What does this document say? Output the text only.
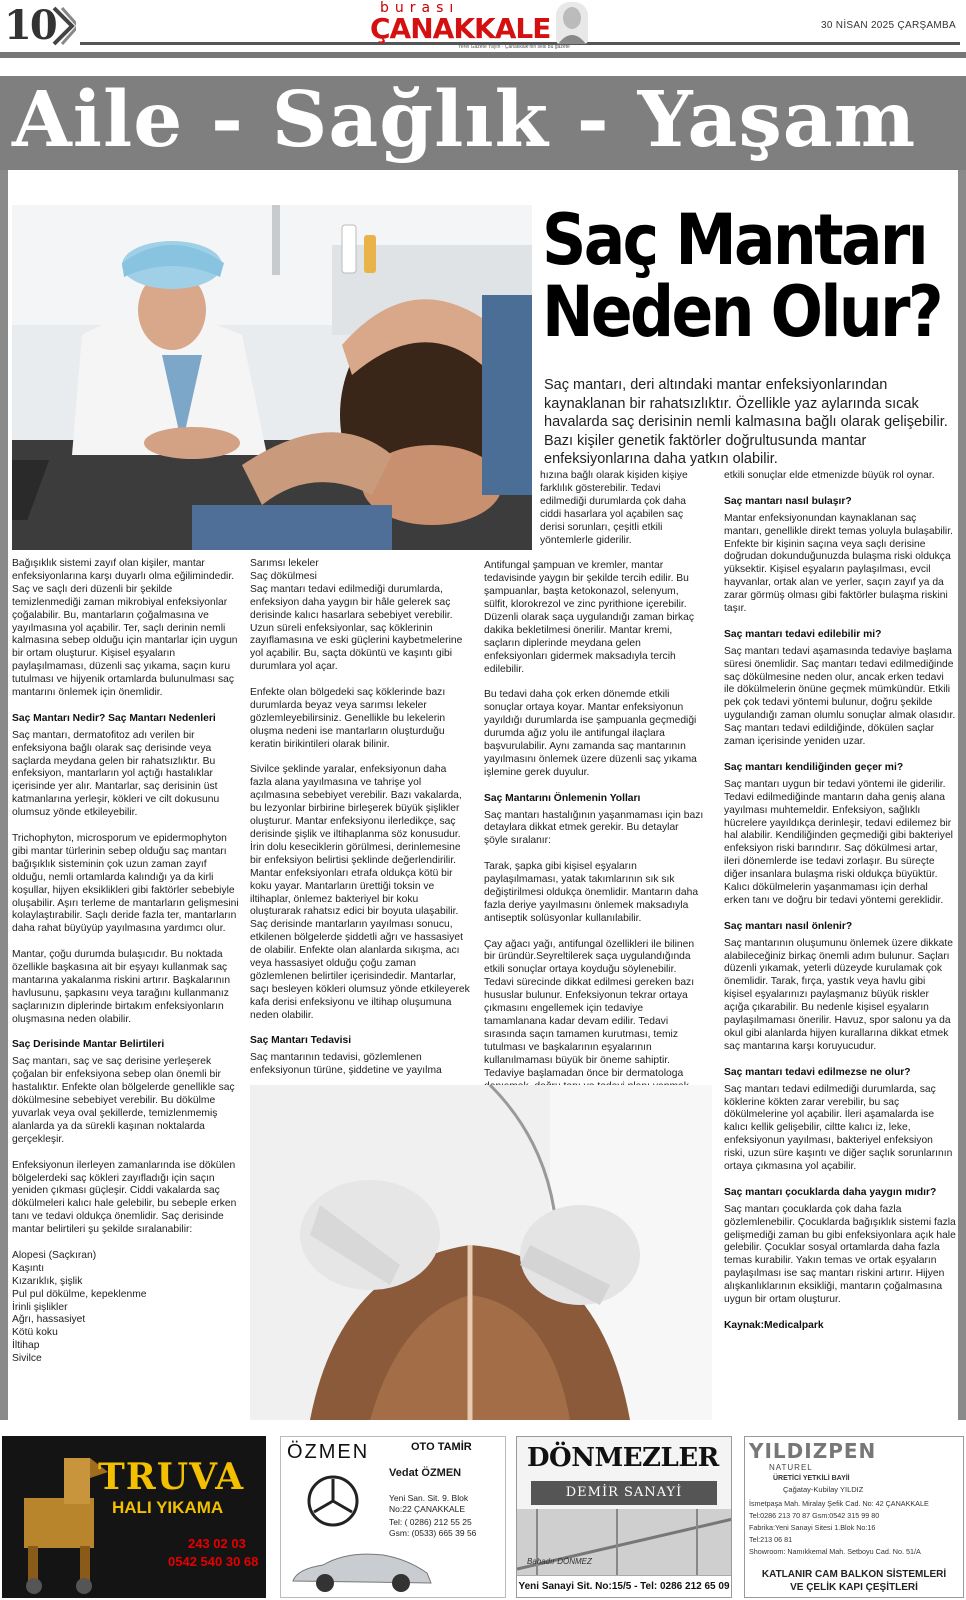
10	burası
ÇANAKKALE
Yerel Gazete Yayın · Çanakkale'nin sesi bu gazete
30 NİSAN 2025 ÇARŞAMBA
Aile - Sağlık - Yaşam
Saç Mantarı
Neden Olur?
Saç mantarı, deri altındaki mantar enfeksiyonlarından kaynaklanan bir rahatsızlıktır. Özellikle yaz aylarında sıcak havalarda saç derisinin nemli kalmasına bağlı olarak gelişebilir. Bazı kişiler genetik faktörler doğrultusunda mantar enfeksiyonlarına daha yatkın olabilir.

Bağışıklık sistemi zayıf olan kişiler, mantar enfeksiyonlarına karşı duyarlı olma eğilimindedir. Saç ve saçlı deri düzenli bir şekilde temizlenmediği zaman mikrobiyal enfeksiyonlar çoğalabilir. Bu, mantarların çoğalmasına ve yayılmasına yol açabilir. Ter, saçlı derinin nemli kalmasına sebep olduğu için mantarlar için uygun bir ortam oluşturur. Kişisel eşyaların paylaşılmaması, düzenli saç yıkama, saçın kuru tutulması ve hijyenik ortamlarda bulunulması saç mantarını önlemek için önemlidir.

Saç Mantarı Nedir? Saç Mantarı Nedenleri

Saç mantarı, dermatofitoz adı verilen bir enfeksiyona bağlı olarak saç derisinde veya saçlarda meydana gelen bir rahatsızlıktır. Bu enfeksiyon, mantarların yol açtığı hastalıklar içerisinde yer alır. Mantarlar, saç derisinin üst katmanlarına yerleşir, kökleri ve cilt dokusunu olumsuz yönde etkileyebilir.

Trichophyton, microsporum ve epidermophyton gibi mantar türlerinin sebep olduğu saç mantarı bağışıklık sisteminin çok uzun zaman zayıf olduğu, nemli ortamlarda kalındığı ya da kirli koşullar, hijyen eksiklikleri gibi faktörler sebebiyle oluşabilir. Aşırı terleme de mantarların gelişmesini kolaylaştırabilir. Saçlı deride fazla ter, mantarların daha rahat büyüyüp yayılmasına yardımcı olur.

Mantar, çoğu durumda bulaşıcıdır. Bu noktada özellikle başkasına ait bir eşyayı kullanmak saç mantarına yakalanma riskini artırır. Başkalarının havlusunu, şapkasını veya tarağını kullanmanız saçlarınızın diplerinde birtakım enfeksiyonların oluşmasına neden olabilir.

Saç Derisinde Mantar Belirtileri

Saç mantarı, saç ve saç derisine yerleşerek çoğalan bir enfeksiyona sebep olan önemli bir hastalıktır. Enfekte olan bölgelerde genellikle saç dökülmesine sebebiyet verebilir. Bu dökülme yuvarlak veya oval şekillerde, temizlenmemiş alanlarda ya da sürekli kaşınan noktalarda gerçekleşir.

Enfeksiyonun ilerleyen zamanlarında ise dökülen bölgelerdeki saç kökleri zayıfladığı için saçın yeniden çıkması güçleşir. Ciddi vakalarda saç dökülmeleri kalıcı hale gelebilir, bu sebeple erken tanı ve tedavi oldukça önemlidir. Saç derisinde mantar belirtileri şu şekilde sıralanabilir:

Alopesi (Saçkıran)
Kaşıntı
Kızarıklık, şişlik
Pul pul dökülme, kepeklenme
İrinli şişlikler
Ağrı, hassasiyet
Kötü koku
İltihap
Sivilce
Sarımsı lekeler
Saç dökülmesi

Saç mantarı tedavi edilmediği durumlarda, enfeksiyon daha yaygın bir hâle gelerek saç derisinde kalıcı hasarlara sebebiyet verebilir. Uzun süreli enfeksiyonlar, saç köklerinin zayıflamasına ve eski güçlerini kaybetmelerine yol açabilir. Bu, saçta döküntü ve kaşıntı gibi durumlara yol açar.

Enfekte olan bölgedeki saç köklerinde bazı durumlarda beyaz veya sarımsı lekeler gözlemleyebilirsiniz. Genellikle bu lekelerin oluşma nedeni ise mantarların oluşturduğu keratin birikintileri olarak bilinir.

Sivilce şeklinde yaralar, enfeksiyonun daha fazla alana yayılmasına ve tahrişe yol açılmasına sebebiyet verebilir. Bazı vakalarda, bu lezyonlar birbirine birleşerek büyük şişlikler oluşturur. Mantar enfeksiyonu ilerledikçe, saç derisinde şişlik ve iltihaplanma söz konusudur. İrin dolu keseciklerin görülmesi, derinlemesine bir enfeksiyon belirtisi şeklinde değerlendirilir. Mantar enfeksiyonları etrafa oldukça kötü bir koku yayar. Mantarların ürettiği toksin ve iltihaplar, önlemez bakteriyel bir koku oluşturarak rahatsız edici bir boyuta ulaşabilir. Saç derisinde mantarların yayılması sonucu, etkilenen bölgelerde şiddetli ağrı ve hassasiyet de olabilir. Enfekte olan alanlarda sıkışma, acı veya hassasiyet olduğu çoğu zaman gözlemlenen belirtiler içerisindedir. Mantarlar, saçı besleyen kökleri olumsuz yönde etkileyerek kafa derisi enfeksiyonu ve iltihap oluşumuna neden olabilir.

Saç Mantarı Tedavisi

Saç mantarının tedavisi, gözlemlenen enfeksiyonun türüne, şiddetine ve yayılma

hızına bağlı olarak kişiden kişiye farklılık gösterebilir. Tedavi edilmediği durumlarda çok daha ciddi hasarlara yol açabilen saç derisi sorunları, çeşitli etkili yöntemlerle giderilir.

Antifungal şampuan ve kremler, mantar tedavisinde yaygın bir şekilde tercih edilir. Bu şampuanlar, başta ketokonazol, selenyum, sülfit, klorokrezol ve zinc pyrithione içerebilir. Düzenli olarak saça uygulandığı zaman birkaç dakika bekletilmesi önerilir. Mantar kremi, saçların diplerinde meydana gelen enfeksiyonları gidermek maksadıyla tercih edilebilir.

Bu tedavi daha çok erken dönemde etkili sonuçlar ortaya koyar. Mantar enfeksiyonun yayıldığı durumlarda ise şampuanla geçmediği durumda ağız yolu ile antifungal ilaçlara başvurulabilir. Aynı zamanda saç mantarının yayılmasını önlemek üzere düzenli saç yıkama işlemine gerek duyulur.

Saç Mantarını Önlemenin Yolları

Saç mantarı hastalığının yaşanmaması için bazı detaylara dikkat etmek gerekir. Bu detaylar şöyle sıralanır:

Tarak, şapka gibi kişisel eşyaların paylaşılmaması, yatak takımlarının sık sık değiştirilmesi oldukça önemlidir. Mantarın daha fazla deriye yayılmasını önlemek maksadıyla antiseptik solüsyonlar kullanılabilir.

Çay ağacı yağı, antifungal özellikleri ile bilinen bir üründür.Seyreltilerek saça uygulandığında etkili sonuçlar ortaya koyduğu söylenebilir. Tedavi sürecinde dikkat edilmesi gereken bazı hususlar bulunur. Enfeksiyonun tekrar ortaya çıkmasını engellemek için tedaviye tamamlanana kadar devam edilir. Tedavi sırasında saçın tamamen kurutması, temiz tutulması ve başkalarının eşyalarının kullanılmaması büyük bir öneme sahiptir. Tedaviye başlamadan önce bir dermatologa

etkili sonuçlar elde etmenizde büyük rol oynar.

Saç mantarı nasıl bulaşır?

Mantar enfeksiyonundan kaynaklanan saç mantarı, genellikle direkt temas yoluyla bulaşabilir. Enfekte bir kişinin saçına veya saçlı derisine doğrudan dokunduğunuzda bulaşma riski oldukça yüksektir. Kişisel eşyaların paylaşılması, evcil hayvanlar, ortak alan ve yerler, saçın zayıf ya da zarar görmüş olması gibi faktörler bulaşma riskini taşır.

Saç mantarı tedavi edilebilir mi?

Saç mantarı tedavi aşamasında tedaviye başlama süresi önemlidir. Saç mantarı tedavi edilmediğinde saç dökülmesine neden olur, ancak erken tedavi ile dökülmelerin önüne geçmek mümkündür. Etkili pek çok tedavi yöntemi bulunur, doğru şekilde uygulandığı zaman olumlu sonuçlar almak olasıdır. Saç mantarı tedavi edildiğinde, dökülen saçlar zaman içerisinde yeniden uzar.

Saç mantarı kendiliğinden geçer mi?

Saç mantarı uygun bir tedavi yöntemi ile giderilir. Tedavi edilmediğinde mantarın daha geniş alana yayılması muhtemeldir. Enfeksiyon, sağlıklı hücrelere yayıldıkça derinleşir, tedavi edilemez bir hal alabilir. Kendiliğinden geçmediği gibi bakteriyel enfeksiyon riski barındırır. Saç dökülmesi artar, ileri dönemlerde ise tedavi zorlaşır. Bu süreçte diğer insanlara bulaşma riski oldukça büyüktür. Kalıcı dökülmelerin yaşanmaması için derhal erken tanı ve doğru bir tedavi yöntemi gereklidir.

Saç mantarı nasıl önlenir?

Saç mantarının oluşumunu önlemek üzere dikkate alabileceğiniz birkaç önemli adım bulunur. Saçları düzenli yıkamak, yeterli düzeyde kurulamak çok önemlidir. Tarak, fırça, yastık veya havlu gibi kişisel eşyalarınızı paylaşmanız büyük riskler açığa çıkarabilir. Bu nedenle kişisel eşyaların paylaşılmaması önerilir. Havuz, spor salonu ya da okul gibi alanlarda hijyen kurallarına dikkat etmek saç mantarına karşı koruyucudur.

Saç mantarı tedavi edilmezse ne olur?

Saç mantarı tedavi edilmediği durumlarda, saç köklerine kökten zarar verebilir, bu saç dökülmelerine yol açabilir. İleri aşamalarda ise kalıcı kellik gelişebilir, ciltte kalıcı iz, leke, enfeksiyonun yayılması, bakteriyel enfeksiyon riski, uzun süre kaşıntı ve diğer saçlık sorunlarının ortaya çıkmasına yol açabilir.

Saç mantarı çocuklarda daha yaygın mıdır?

Saç mantarı çocuklarda çok daha fazla gözlemlenebilir. Çocuklarda bağışıklık sistemi fazla gelişmediği zaman bu gibi enfeksiyonlara açık hale gelebilir. Çocuklar sosyal ortamlarda daha fazla temas kurabilir. Yakın temas ve ortak eşyaların paylaşılması ise saç mantarı riskini artırır. Hijyen alışkanlıklarının eksikliği, mantarın çoğalmasına uygun bir ortam oluşturur.

Kaynak:Medicalpark
TRUVA
HALI YIKAMA
243 02 03
0542 540 30 68
ÖZMEN	OTO TAMİR
Vedat ÖZMEN
Yeni San. Sit. 9. Blok
No:22 ÇANAKKALE
Tel: ( 0286) 212 55 25
Gsm: (0533) 665 39 56
DÖNMEZLER
DEMİR SANAYİ
Bahadır DÖNMEZ
Yeni Sanayi Sit. No:15/5 - Tel: 0286 212 65 09
YILDIZPEN
NATUREL
ÜRETİCİ YETKİLİ BAYİİ
Çağatay-Kubilay YILDIZ
İsmetpaşa Mah. Miralay Şefik Cad. No: 42 ÇANAKKALE
Tel:0286 213 70 87 Gsm:0542 315 99 80
Fabrika:Yeni Sanayi Sitesi 1.Blok No:16
Tel:213 06 81
Showroom: Namıkkemal Mah. Setboyu Cad. No. 51/A
KATLANIR CAM BALKON SİSTEMLERİ
VE ÇELİK KAPI ÇEŞİTLERİ
